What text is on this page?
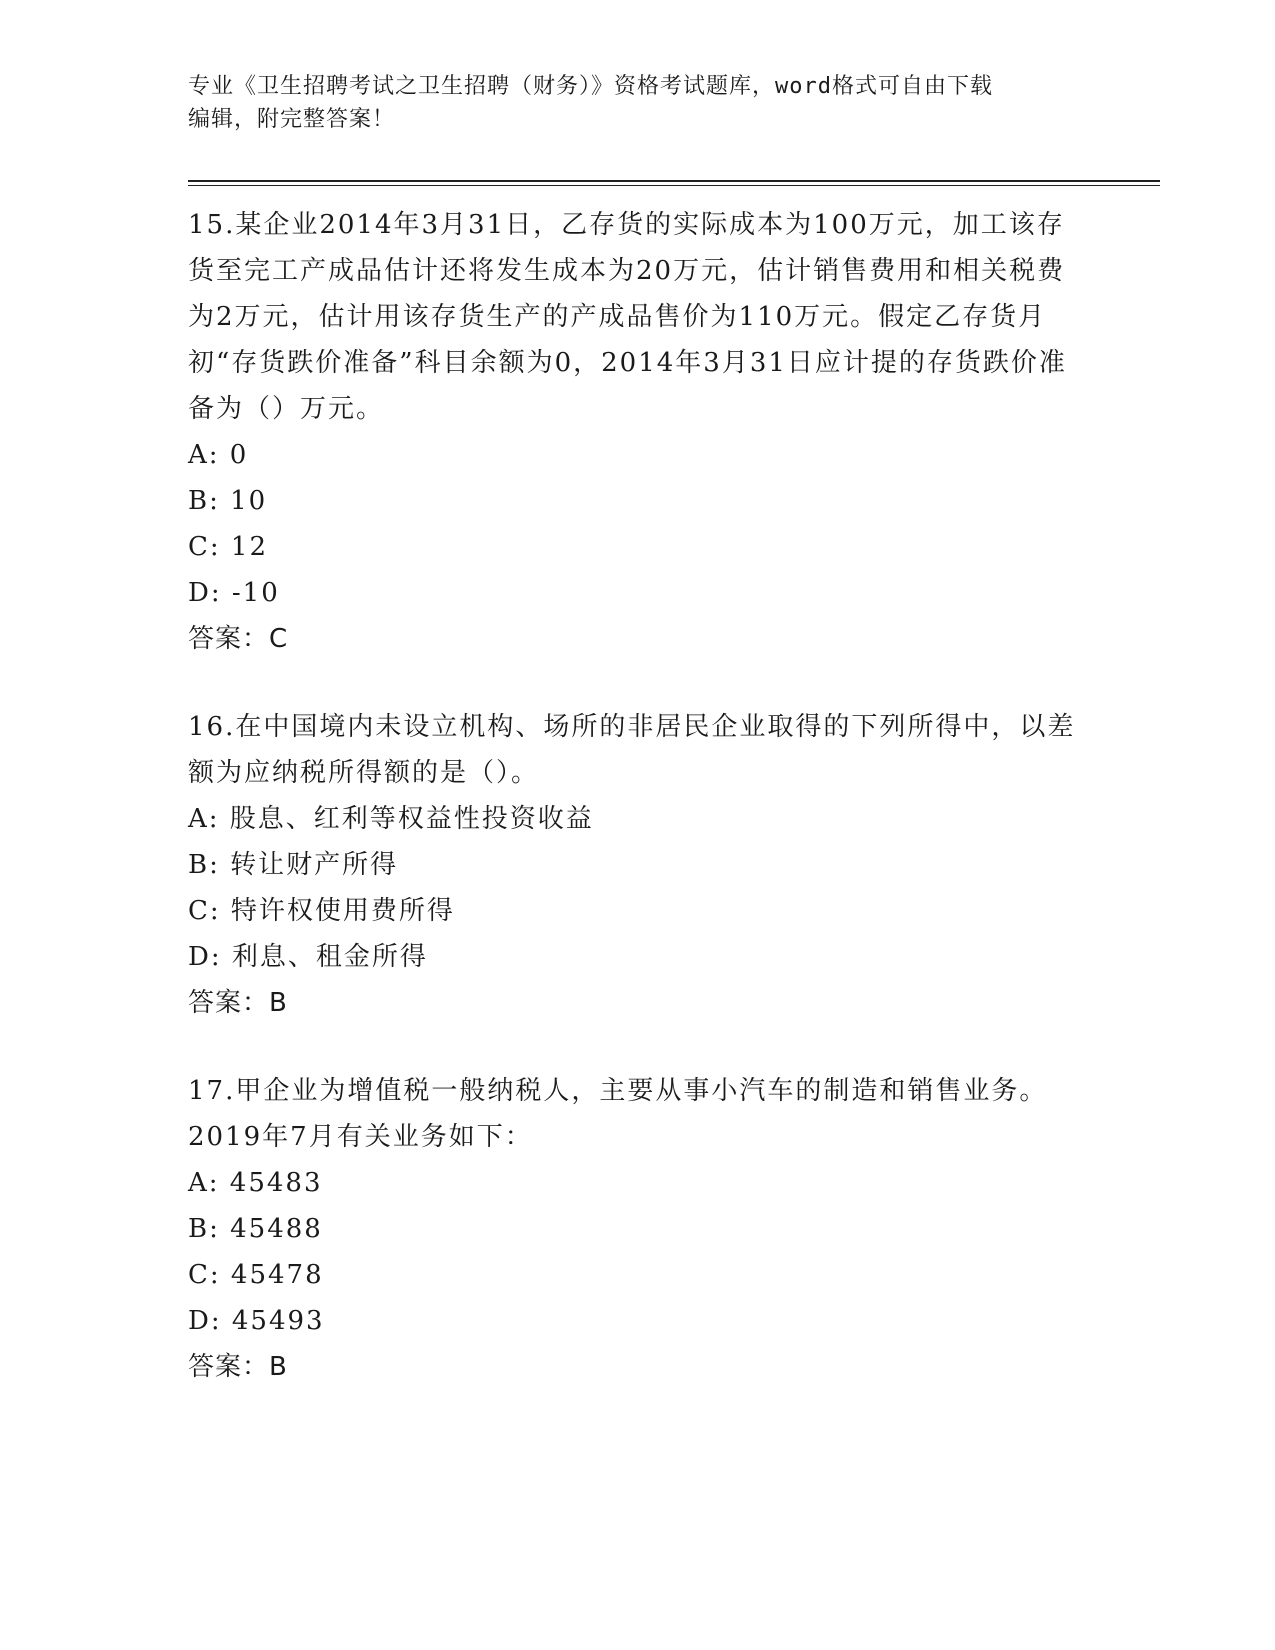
专业《卫生招聘考试之卫生招聘（财务）》资格考试题库，word格式可自由下载
编辑，附完整答案！
15.某企业2014年3月31日，乙存货的实际成本为100万元，加工该存货至完工产成品估计还将发生成本为20万元，估计销售费用和相关税费为2万元，估计用该存货生产的产成品售价为110万元。假定乙存货月初“存货跌价准备”科目余额为0，2014年3月31日应计提的存货跌价准备为（）万元。
A: 0
B: 10
C: 12
D: -10
答案：C
16.在中国境内未设立机构、场所的非居民企业取得的下列所得中，以差额为应纳税所得额的是（）。
A: 股息、红利等权益性投资收益
B: 转让财产所得
C: 特许权使用费所得
D: 利息、租金所得
答案：B
17.甲企业为增值税一般纳税人，主要从事小汽车的制造和销售业务。2019年7月有关业务如下：
A: 45483
B: 45488
C: 45478
D: 45493
答案：B
